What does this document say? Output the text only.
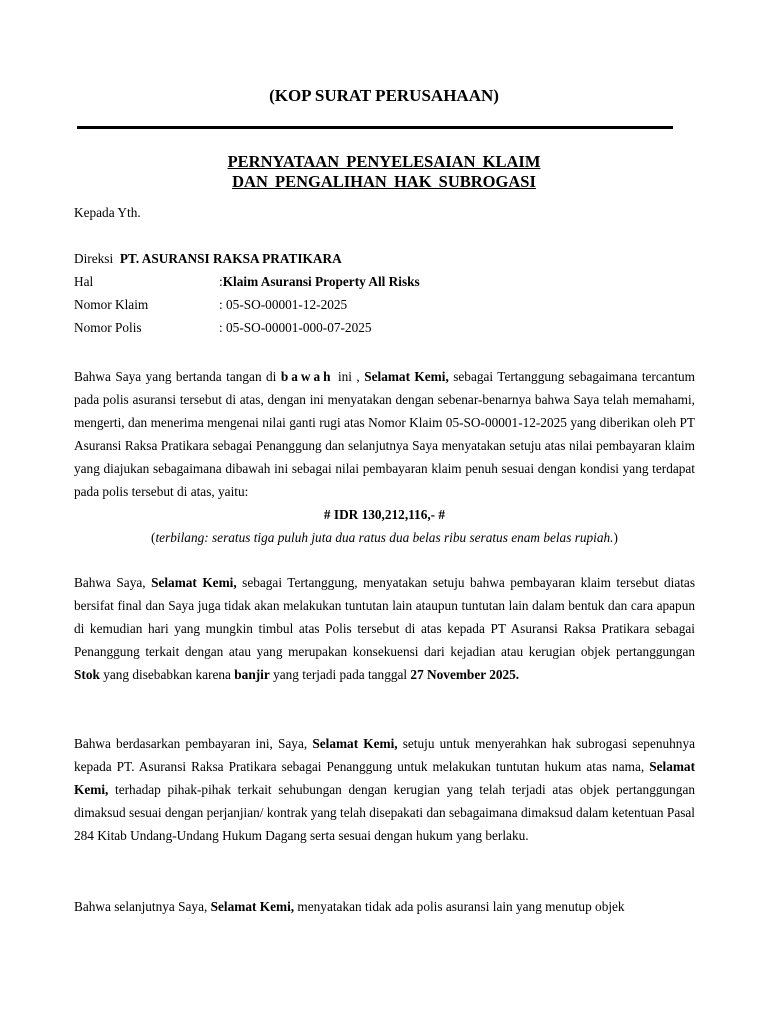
(KOP SURAT PERUSAHAAN)
PERNYATAAN PENYELESAIAN KLAIM
DAN PENGALIHAN HAK SUBROGASI
Kepada Yth.
Direksi
PT. ASURANSI RAKSA PRATIKARA
Hal	: Klaim Asuransi Property All Risks
Nomor Klaim	: 05-SO-00001-12-2025
Nomor Polis	: 05-SO-00001-000-07-2025
Bahwa Saya yang bertanda tangan di bawah ini , Selamat Kemi, sebagai Tertanggung sebagaimana tercantum pada polis asuransi tersebut di atas, dengan ini menyatakan dengan sebenar-benarnya bahwa Saya telah memahami, mengerti, dan menerima mengenai nilai ganti rugi atas Nomor Klaim 05-SO-00001-12-2025 yang diberikan oleh PT Asuransi Raksa Pratikara sebagai Penanggung dan selanjutnya Saya menyatakan setuju atas nilai pembayaran klaim yang diajukan sebagaimana dibawah ini sebagai nilai pembayaran klaim penuh sesuai dengan kondisi yang terdapat pada polis tersebut di atas, yaitu:
# IDR 130,212,116,- #
(terbilang: seratus tiga puluh juta dua ratus dua belas ribu seratus enam belas rupiah.)
Bahwa Saya, Selamat Kemi, sebagai Tertanggung, menyatakan setuju bahwa pembayaran klaim tersebut diatas bersifat final dan Saya juga tidak akan melakukan tuntutan lain ataupun tuntutan lain dalam bentuk dan cara apapun di kemudian hari yang mungkin timbul atas Polis tersebut di atas kepada PT Asuransi Raksa Pratikara sebagai Penanggung terkait dengan atau yang merupakan konsekuensi dari kejadian atau kerugian objek pertanggungan Stok yang disebabkan karena banjir yang terjadi pada tanggal 27 November 2025.
Bahwa berdasarkan pembayaran ini, Saya, Selamat Kemi, setuju untuk menyerahkan hak subrogasi sepenuhnya kepada PT. Asuransi Raksa Pratikara sebagai Penanggung untuk melakukan tuntutan hukum atas nama, Selamat Kemi, terhadap pihak-pihak terkait sehubungan dengan kerugian yang telah terjadi atas objek pertanggungan dimaksud sesuai dengan perjanjian/ kontrak yang telah disepakati dan sebagaimana dimaksud dalam ketentuan Pasal 284 Kitab Undang-Undang Hukum Dagang serta sesuai dengan hukum yang berlaku.
Bahwa selanjutnya Saya, Selamat Kemi, menyatakan tidak ada polis asuransi lain yang menutup objek
